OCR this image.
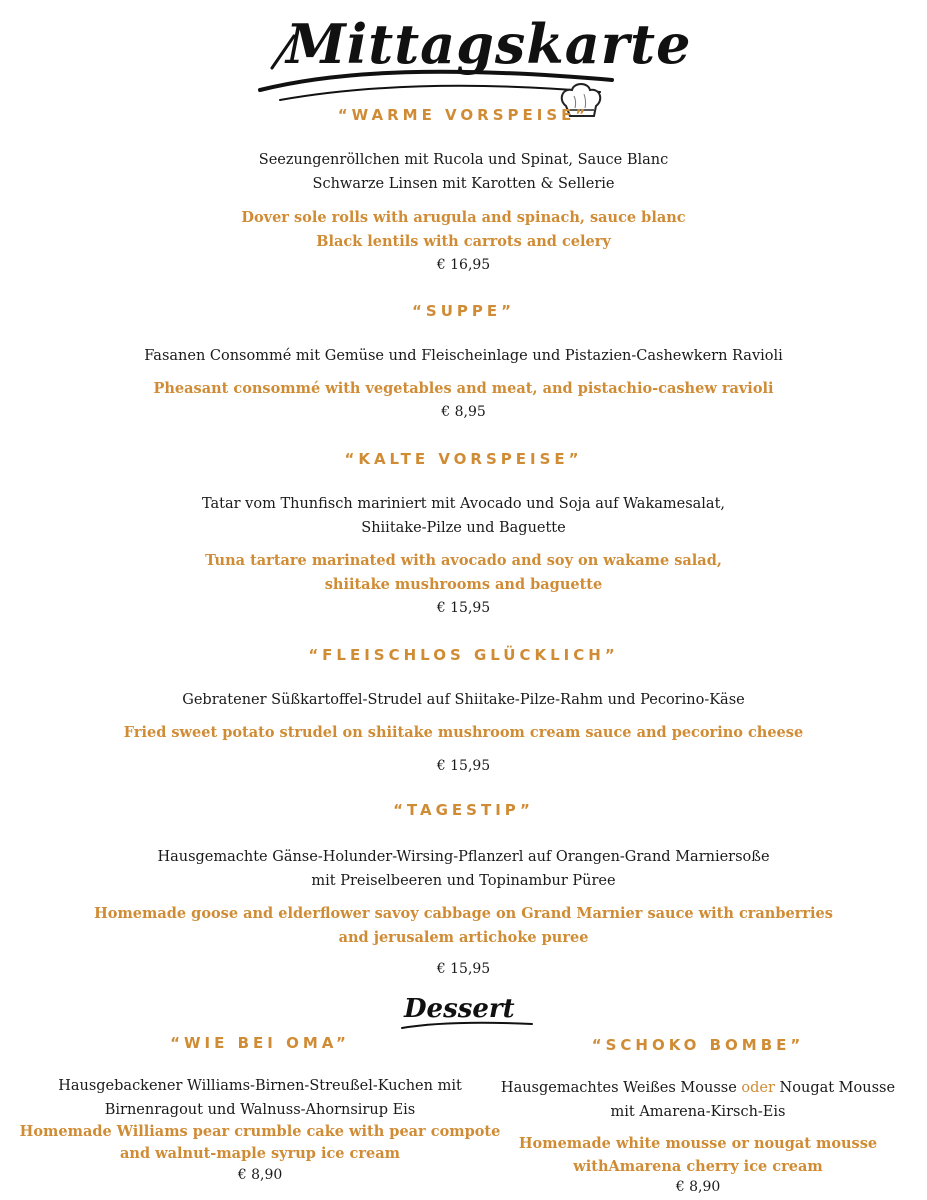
Mittagskarte
“WARME VORSPEISE”
Seezungenröllchen mit Rucola und Spinat, Sauce Blanc
Schwarze Linsen mit Karotten & Sellerie
Dover sole rolls with arugula and spinach, sauce blanc
Black lentils with carrots and celery
€ 16,95
“SUPPE”
Fasanen Consommé mit Gemüse und Fleischeinlage und Pistazien-Cashewkern Ravioli
Pheasant consommé with vegetables and meat, and pistachio-cashew ravioli
€ 8,95
“KALTE VORSPEISE”
Tatar vom Thunfisch mariniert mit Avocado und Soja auf Wakamesalat,
Shiitake-Pilze und Baguette
Tuna tartare marinated with avocado and soy on wakame salad,
shiitake mushrooms and baguette
€ 15,95
“FLEISCHLOS GLÜCKLICH”
Gebratener Süßkartoffel-Strudel auf Shiitake-Pilze-Rahm und Pecorino-Käse
Fried sweet potato strudel on shiitake mushroom cream sauce and pecorino cheese
€ 15,95
“TAGESTIP”
Hausgemachte Gänse-Holunder-Wirsing-Pflanzerl auf Orangen-Grand Marniersoße
mit Preiselbeeren und Topinambur Püree
Homemade goose and elderflower savoy cabbage on Grand Marnier sauce with cranberries
and jerusalem artichoke puree
€ 15,95
Dessert
“WIE BEI OMA”
Hausgebackener Williams-Birnen-Streußel-Kuchen mit
Birnenragout und Walnuss-Ahornsirup Eis
Homemade Williams pear crumble cake with pear compote
and walnut-maple syrup ice cream
€ 8,90
“SCHOKO BOMBE”
Hausgemachtes Weißes Mousse oder Nougat Mousse
mit Amarena-Kirsch-Eis
Homemade white mousse or nougat mousse
withAmarena cherry ice cream
€ 8,90
